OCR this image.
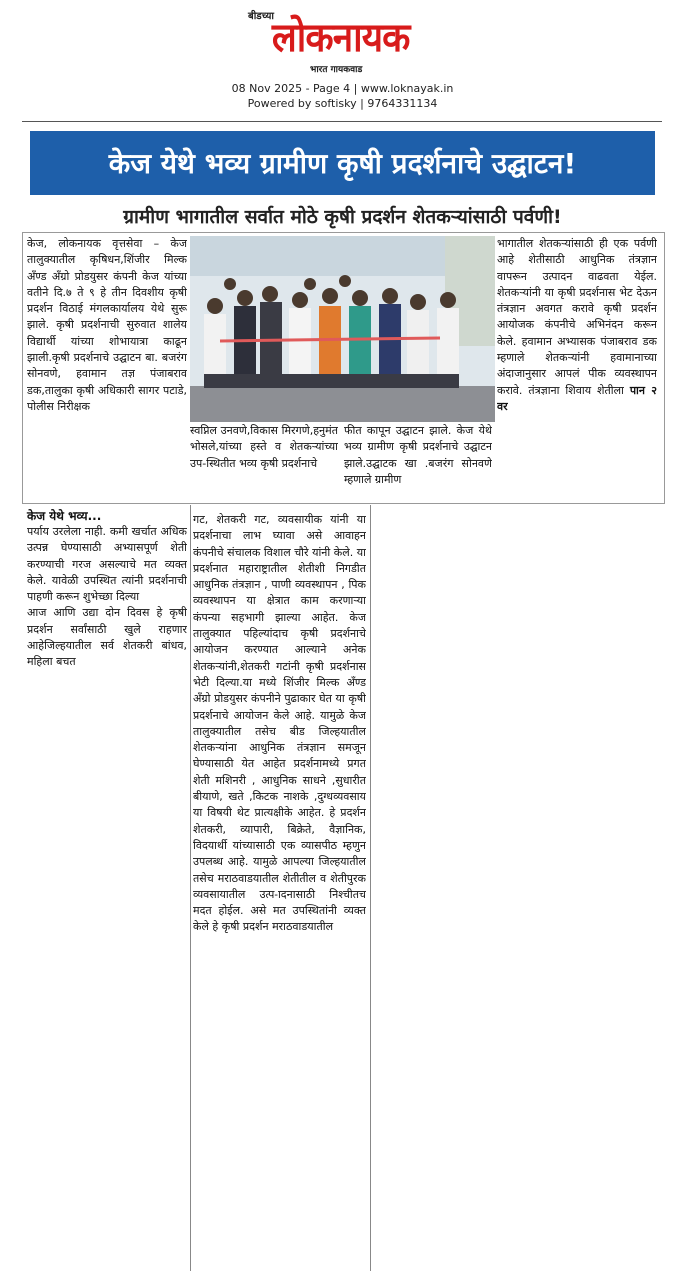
बीडच्या
लोकनायक
भारत गायकवाड
08 Nov 2025 - Page 4 | www.loknayak.in
Powered by softisky | 9764331134
केज येथे भव्य ग्रामीण कृषी प्रदर्शनाचे उद्घाटन!
ग्रामीण भागातील सर्वात मोठे कृषी प्रदर्शन शेतकऱ्यांसाठी पर्वणी!
केज, लोकनायक वृत्तसेवा – केज तालुक्यातील कृषिधन,शिंजीर मिल्क अँण्ड अँग्रो प्रोडयुसर कंपनी केज यांच्या वतीने दि.७ ते ९ हे तीन दिवशीय कृषी प्रदर्शन विठाई मंगलकार्यालय येथे सुरू झाले. कृषी प्रदर्शनाची सुरुवात शालेय विद्यार्थी यांच्या शोभायात्रा काढून झाली.कृषी प्रदर्शनाचे उद्घाटन बा. बजरंग सोनवणे, हवामान तज्ञ पंजाबराव डक,तालुका कृषी अधिकारी सागर पटाडे, पोलीस निरीक्षक
स्वप्निल उनवणे,विकास मिरगणे,हनुमंत भोसले,यांच्या हस्ते व शेतकऱ्यांच्या उप-स्थितीत भव्य कृषी प्रदर्शनाचे
फीत कापून उद्घाटन झाले. केज येथे भव्य ग्रामीण कृषी प्रदर्शनाचे उद्घाटन झाले.उद्घाटक खा .बजरंग सोनवणे म्हणाले ग्रामीण
भागातील शेतकऱ्यांसाठी ही एक पर्वणी आहे शेतीसाठी आधुनिक तंत्रज्ञान वापरून उत्पादन वाढवता येईल. शेतकऱ्यांनी या कृषी प्रदर्शनास भेट देऊन तंत्रज्ञान अवगत करावे कृषी प्रदर्शन आयोजक कंपनीचे अभिनंदन करून केले. हवामान अभ्यासक पंजाबराव डक म्हणाले शेतकऱ्यांनी हवामानाच्या अंदाजानुसार आपलं पीक व्यवस्थापन करावे. तंत्रज्ञाना शिवाय शेतीला पान २ वर
केज येथे भव्य...
पर्याय उरलेला नाही. कमी खर्चात अधिक उत्पन्न घेण्यासाठी अभ्यासपूर्ण शेती करण्याची गरज असल्याचे मत व्यक्त केले. यावेळी उपस्थित त्यांनी प्रदर्शनाची पाहणी करून शुभेच्छा दिल्या
आज आणि उद्या दोन दिवस हे कृषी प्रदर्शन सर्वांसाठी खुले राहणार आहेजिल्हयातील सर्व शेतकरी बांधव, महिला बचत
गट, शेतकरी गट, व्यवसायीक यांनी या प्रदर्शनाचा लाभ घ्यावा असे आवाहन कंपनीचे संचालक विशाल चौरे यांनी केले. या प्रदर्शनात महाराष्ट्रातील शेतीशी निगडीत आधुनिक तंत्रज्ञान , पाणी व्यवस्थापन , पिक व्यवस्थापन या क्षेत्रात काम करणाऱ्या कंपन्या सहभागी झाल्या आहेत. केज तालुक्यात पहिल्यांदाच कृषी प्रदर्शनाचे आयोजन करण्यात आल्याने अनेक शेतकऱ्यांनी,शेतकरी गटांनी कृषी प्रदर्शनास भेटी दिल्या.या मध्ये शिंजीर मिल्क अँण्ड अँग्रो प्रोडयुसर कंपनीने पुढाकार घेत या कृषी प्रदर्शनाचे आयोजन केले आहे. यामुळे केज तालुक्यातील तसेच बीड जिल्हयातील शेतकऱ्यांना आधुनिक तंत्रज्ञान समजून घेण्यासाठी येत आहेत प्रदर्शनामध्ये प्रगत शेती मशिनरी , आधुनिक साधने ,सुधारीत बीयाणे, खते ,किटक नाशके ,दुग्धव्यवसाय या विषयी थेट प्रात्यक्षीके आहेत. हे प्रदर्शन शेतकरी, व्यापारी, बिक्रेते, वैज्ञानिक, विदयार्थी यांच्यासाठी एक व्यासपीठ म्हणुन उपलब्ध आहे. यामुळे आपल्या जिल्हयातील तसेच मराठवाडयातील शेतीतील व शेतीपुरक व्यवसायातील उत्प-ादनासाठी निश्चीतच मदत होईल. असे मत उपस्थितांनी व्यक्त केले हे कृषी प्रदर्शन मराठवाडयातील
